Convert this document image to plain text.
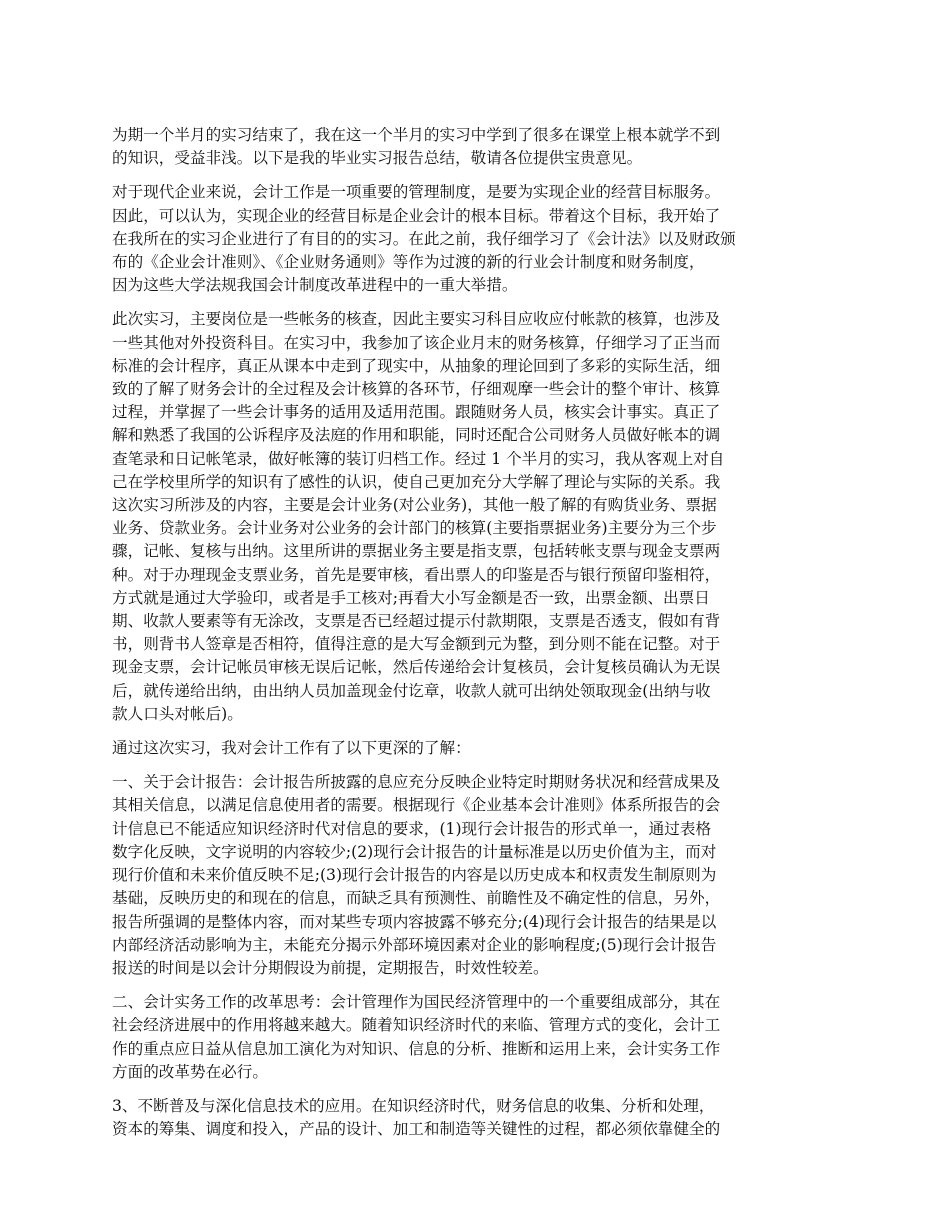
为期一个半月的实习结束了，我在这一个半月的实习中学到了很多在课堂上根本就学不到
的知识，受益非浅。以下是我的毕业实习报告总结，敬请各位提供宝贵意见。

对于现代企业来说，会计工作是一项重要的管理制度，是要为实现企业的经营目标服务。
因此，可以认为，实现企业的经营目标是企业会计的根本目标。带着这个目标，我开始了
在我所在的实习企业进行了有目的的实习。在此之前，我仔细学习了《会计法》以及财政颁
布的《企业会计准则》、《企业财务通则》等作为过渡的新的行业会计制度和财务制度，
因为这些大学法规我国会计制度改革进程中的一重大举措。

此次实习，主要岗位是一些帐务的核查，因此主要实习科目应收应付帐款的核算，也涉及
一些其他对外投资科目。在实习中，我参加了该企业月末的财务核算，仔细学习了正当而
标准的会计程序，真正从课本中走到了现实中，从抽象的理论回到了多彩的实际生活，细
致的了解了财务会计的全过程及会计核算的各环节，仔细观摩一些会计的整个审计、核算
过程，并掌握了一些会计事务的适用及适用范围。跟随财务人员，核实会计事实。真正了
解和熟悉了我国的公诉程序及法庭的作用和职能，同时还配合公司财务人员做好帐本的调
查笔录和日记帐笔录，做好帐簿的装订归档工作。经过 1 个半月的实习，我从客观上对自
己在学校里所学的知识有了感性的认识，使自己更加充分大学解了理论与实际的关系。我
这次实习所涉及的内容，主要是会计业务(对公业务)，其他一般了解的有购货业务、票据
业务、贷款业务。会计业务对公业务的会计部门的核算(主要指票据业务)主要分为三个步
骤，记帐、复核与出纳。这里所讲的票据业务主要是指支票，包括转帐支票与现金支票两
种。对于办理现金支票业务，首先是要审核，看出票人的印鉴是否与银行预留印鉴相符，
方式就是通过大学验印，或者是手工核对;再看大小写金额是否一致，出票金额、出票日
期、收款人要素等有无涂改，支票是否已经超过提示付款期限，支票是否透支，假如有背
书，则背书人签章是否相符，值得注意的是大写金额到元为整，到分则不能在记整。对于
现金支票，会计记帐员审核无误后记帐，然后传递给会计复核员，会计复核员确认为无误
后，就传递给出纳，由出纳人员加盖现金付讫章，收款人就可出纳处领取现金(出纳与收
款人口头对帐后)。

通过这次实习，我对会计工作有了以下更深的了解：

一、关于会计报告：会计报告所披露的息应充分反映企业特定时期财务状况和经营成果及
其相关信息，以满足信息使用者的需要。根据现行《企业基本会计准则》体系所报告的会
计信息已不能适应知识经济时代对信息的要求，(1)现行会计报告的形式单一，通过表格
数字化反映，文字说明的内容较少;(2)现行会计报告的计量标准是以历史价值为主，而对
现行价值和未来价值反映不足;(3)现行会计报告的内容是以历史成本和权责发生制原则为
基础，反映历史的和现在的信息，而缺乏具有预测性、前瞻性及不确定性的信息，另外，
报告所强调的是整体内容，而对某些专项内容披露不够充分;(4)现行会计报告的结果是以
内部经济活动影响为主，未能充分揭示外部环境因素对企业的影响程度;(5)现行会计报告
报送的时间是以会计分期假设为前提，定期报告，时效性较差。

二、会计实务工作的改革思考：会计管理作为国民经济管理中的一个重要组成部分，其在
社会经济进展中的作用将越来越大。随着知识经济时代的来临、管理方式的变化，会计工
作的重点应日益从信息加工演化为对知识、信息的分析、推断和运用上来，会计实务工作
方面的改革势在必行。

3、不断普及与深化信息技术的应用。在知识经济时代，财务信息的收集、分析和处理，
资本的筹集、调度和投入，产品的设计、加工和制造等关键性的过程，都必须依靠健全的
